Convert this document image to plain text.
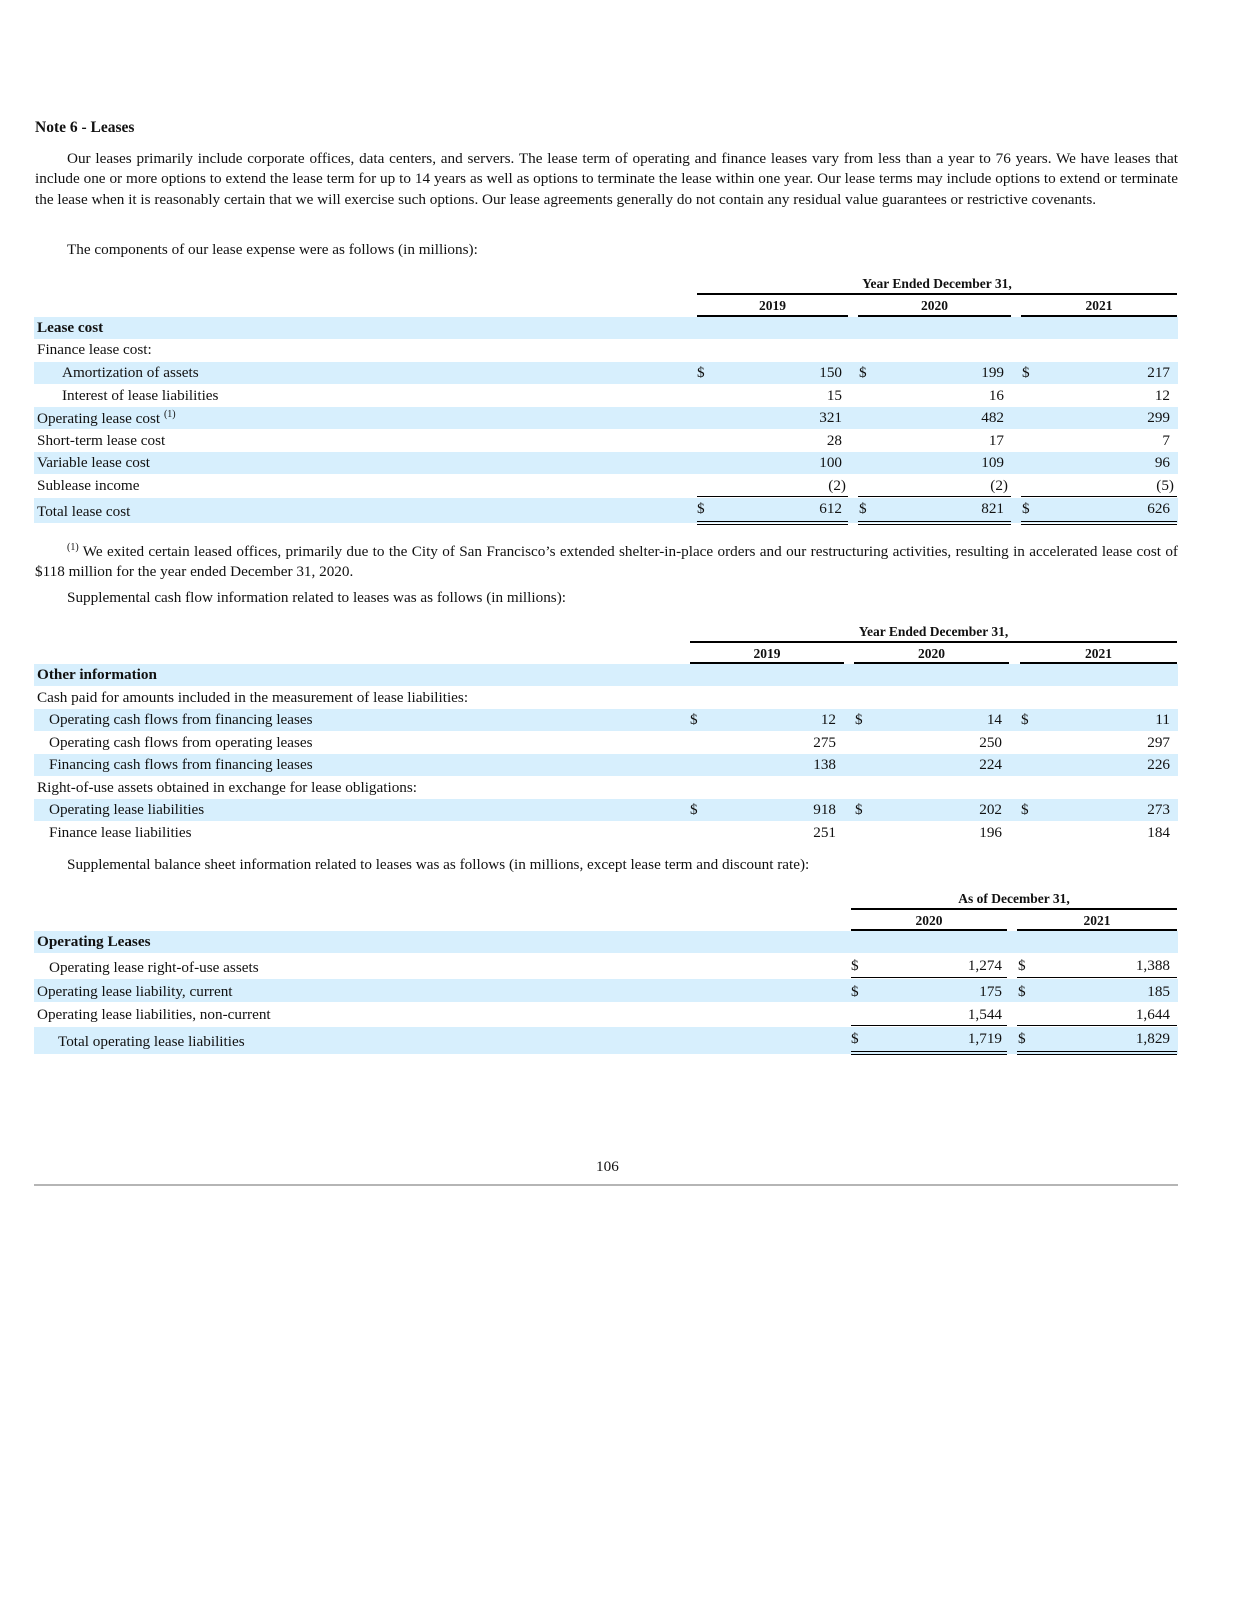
Note 6 - Leases
Our leases primarily include corporate offices, data centers, and servers. The lease term of operating and finance leases vary from less than a year to 76 years. We have leases that include one or more options to extend the lease term for up to 14 years as well as options to terminate the lease within one year. Our lease terms may include options to extend or terminate the lease when it is reasonably certain that we will exercise such options. Our lease agreements generally do not contain any residual value guarantees or restrictive covenants.
The components of our lease expense were as follows (in millions):
Year Ended December 31,
2019	2020	2021
Lease cost
Finance lease cost:
Amortization of assets	$	150 $	199 $	217
Interest of lease liabilities	15	16	12
Operating lease cost $^{(1)}$	321	482	299
Short-term lease cost	28	17	7
Variable lease cost	100	109	96
Sublease income	(2)	(2)	(5)
Total lease cost	$	612 $	821 $	626
$^{(1)}$ We exited certain leased offices, primarily due to the City of San Francisco’s extended shelter-in-place orders and our restructuring activities, resulting in accelerated lease cost of $118 million for the year ended December 31, 2020.
Supplemental cash flow information related to leases was as follows (in millions):
Year Ended December 31,
2019	2020	2021
Other information
Cash paid for amounts included in the measurement of lease liabilities:
Operating cash flows from financing leases	$	12 $	14 $	11
Operating cash flows from operating leases	275	250	297
Financing cash flows from financing leases	138	224	226
Right-of-use assets obtained in exchange for lease obligations:
Operating lease liabilities	$	918 $	202 $	273
Finance lease liabilities	251	196	184
Supplemental balance sheet information related to leases was as follows (in millions, except lease term and discount rate):
As of December 31,
2020	2021
Operating Leases
Operating lease right-of-use assets	$	1,274 $	1,388
Operating lease liability, current	$	175 $	185
Operating lease liabilities, non-current	1,544	1,644
Total operating lease liabilities	$	1,719 $	1,829
106
